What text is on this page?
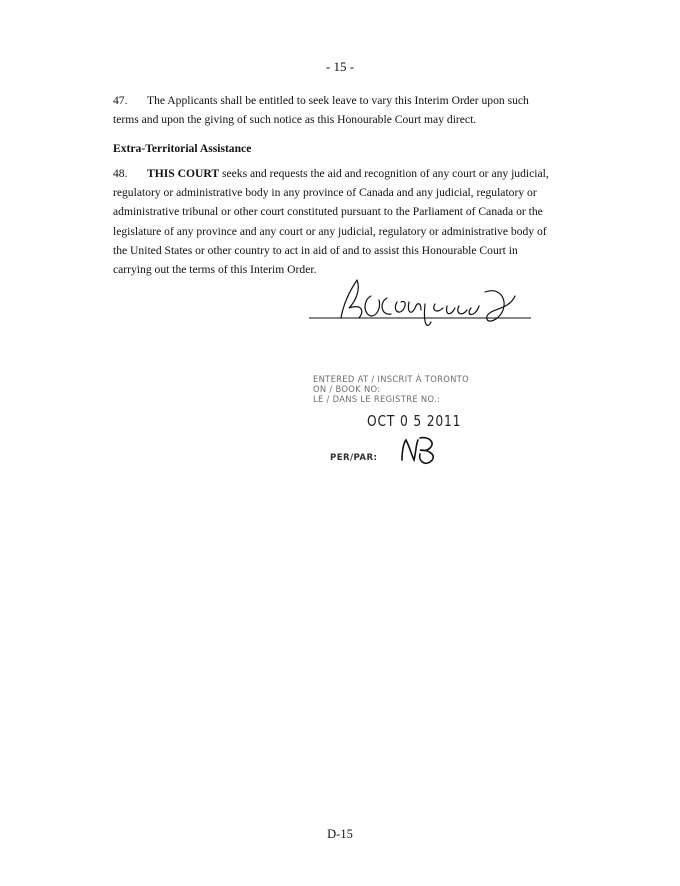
- 15 -

47. The Applicants shall be entitled to seek leave to vary this Interim Order upon such terms and upon the giving of such notice as this Honourable Court may direct.

Extra-Territorial Assistance

48. THIS COURT seeks and requests the aid and recognition of any court or any judicial, regulatory or administrative body in any province of Canada and any judicial, regulatory or administrative tribunal or other court constituted pursuant to the Parliament of Canada or the legislature of any province and any court or any judicial, regulatory or administrative body of the United States or other country to act in aid of and to assist this Honourable Court in carrying out the terms of this Interim Order.

ENTERED AT / INSCRIT À TORONTO
ON / BOOK NO:
LE / DANS LE REGISTRE NO.:
OCT 0 5 2011
PER/PAR:
D-15
